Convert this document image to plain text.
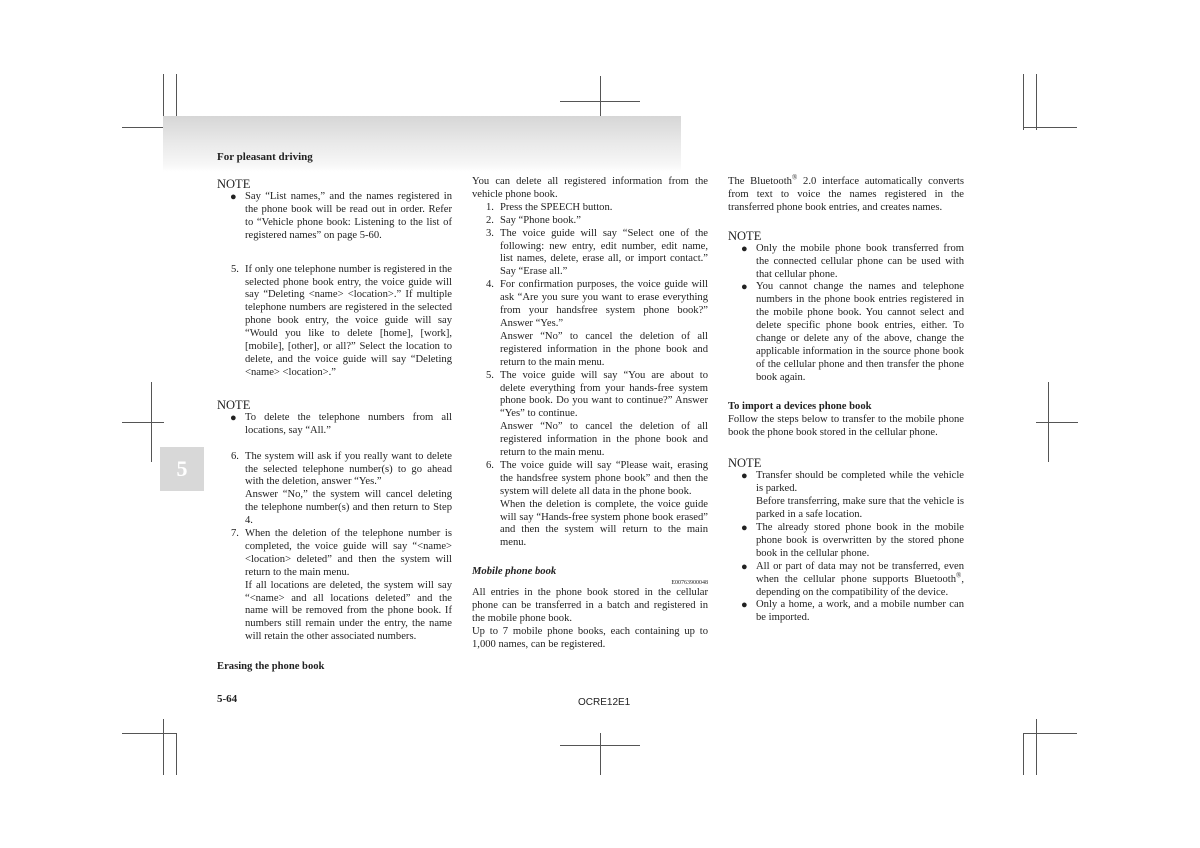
For pleasant driving
5

NOTE

● Say “List names,” and the names registered in the phone book will be read out in order. Refer to “Vehicle phone book: Listening to the list of registered names” on page 5-60.

5. If only one telephone number is registered in the selected phone book entry, the voice guide will say “Deleting <name> <location>.” If multiple telephone numbers are registered in the selected phone book entry, the voice guide will say “Would you like to delete [home], [work], [mobile], [other], or all?” Select the location to delete, and the voice guide will say “Deleting <name> <location>.”

NOTE

● To delete the telephone numbers from all locations, say “All.”

6. The system will ask if you really want to delete the selected telephone number(s) to go ahead with the deletion, answer “Yes.”

Answer “No,” the system will cancel deleting the telephone number(s) and then return to Step 4.

7. When the deletion of the telephone number is completed, the voice guide will say “<name> <location> deleted” and then the system will return to the main menu.

If all locations are deleted, the system will say “<name> and all locations deleted” and the name will be removed from the phone book. If numbers still remain under the entry, the name will retain the other associated numbers.

Erasing the phone book

You can delete all registered information from the vehicle phone book.

1. Press the SPEECH button.

2. Say “Phone book.”

3. The voice guide will say “Select one of the following: new entry, edit number, edit name, list names, delete, erase all, or import contact.” Say “Erase all.”

4. For confirmation purposes, the voice guide will ask “Are you sure you want to erase everything from your handsfree system phone book?” Answer “Yes.”

Answer “No” to cancel the deletion of all registered information in the phone book and return to the main menu.

5. The voice guide will say “You are about to delete everything from your hands-free system phone book. Do you want to continue?” Answer “Yes” to continue.

Answer “No” to cancel the deletion of all registered information in the phone book and return to the main menu.

6. The voice guide will say “Please wait, erasing the handsfree system phone book” and then the system will delete all data in the phone book.

When the deletion is complete, the voice guide will say “Hands-free system phone book erased” and then the system will return to the main menu.

Mobile phone book

E00763900048

All entries in the phone book stored in the cellular phone can be transferred in a batch and registered in the mobile phone book.

Up to 7 mobile phone books, each containing up to 1,000 names, can be registered.

The Bluetooth® 2.0 interface automatically converts from text to voice the names registered in the transferred phone book entries, and creates names.

NOTE

● Only the mobile phone book transferred from the connected cellular phone can be used with that cellular phone.

● You cannot change the names and telephone numbers in the phone book entries registered in the mobile phone book. You cannot select and delete specific phone book entries, either. To change or delete any of the above, change the applicable information in the source phone book of the cellular phone and then transfer the phone book again.

To import a devices phone book

Follow the steps below to transfer to the mobile phone book the phone book stored in the cellular phone.

NOTE

● Transfer should be completed while the vehicle is parked.

Before transferring, make sure that the vehicle is parked in a safe location.

● The already stored phone book in the mobile phone book is overwritten by the stored phone book in the cellular phone.

● All or part of data may not be transferred, even when the cellular phone supports Bluetooth®, depending on the compatibility of the device.

● Only a home, a work, and a mobile number can be imported.

5-64	OCRE12E1
